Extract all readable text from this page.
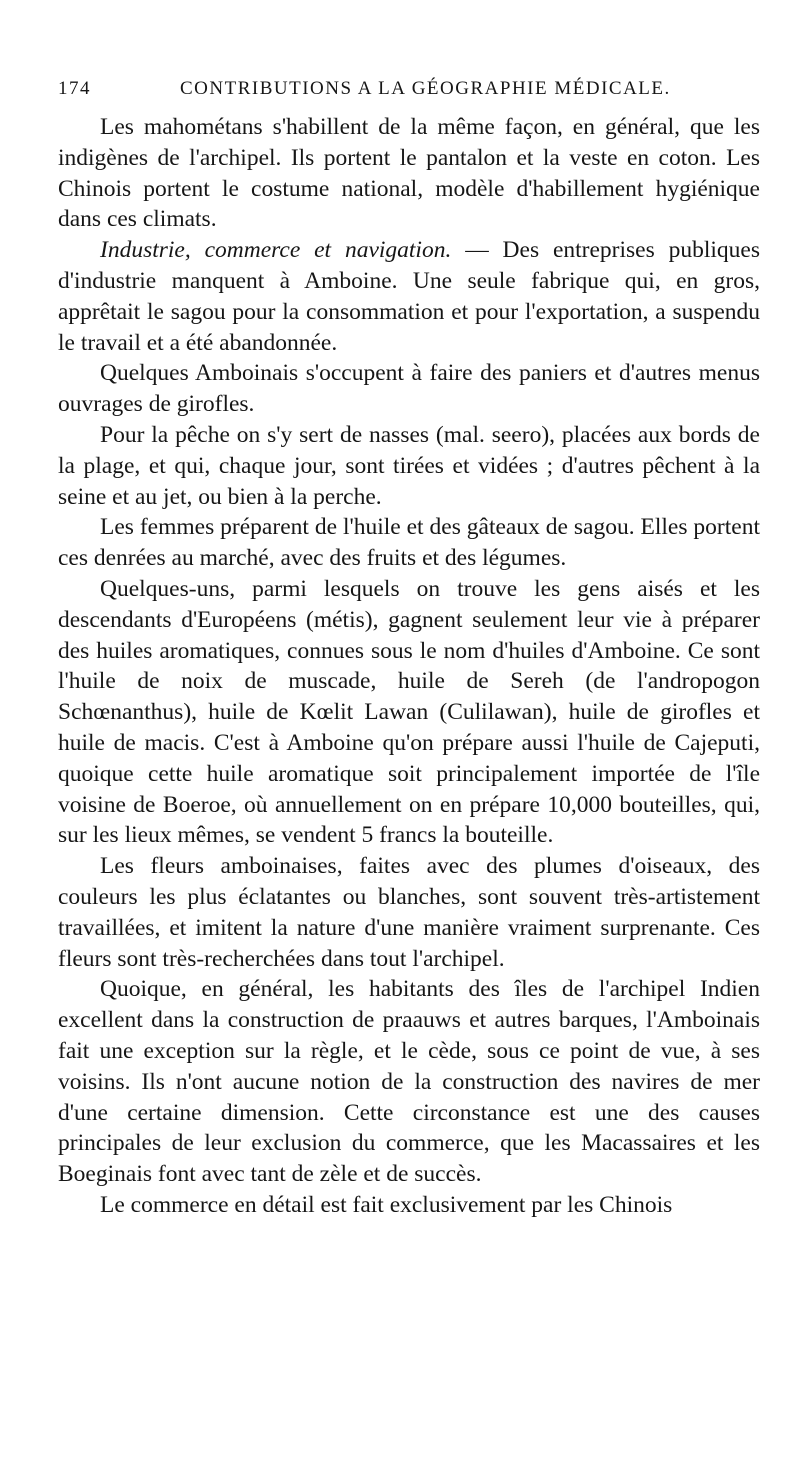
174	CONTRIBUTIONS A LA GÉOGRAPHIE MÉDICALE.

Les mahométans s'habillent de la même façon, en général, que les indigènes de l'archipel. Ils portent le pantalon et la veste en coton. Les Chinois portent le costume national, modèle d'habillement hygiénique dans ces climats.

Industrie, commerce et navigation. — Des entreprises publiques d'industrie manquent à Amboine. Une seule fabrique qui, en gros, apprêtait le sagou pour la consommation et pour l'exportation, a suspendu le travail et a été abandonnée.

Quelques Amboinais s'occupent à faire des paniers et d'autres menus ouvrages de girofles.

Pour la pêche on s'y sert de nasses (mal. seero), placées aux bords de la plage, et qui, chaque jour, sont tirées et vidées ; d'autres pêchent à la seine et au jet, ou bien à la perche.

Les femmes préparent de l'huile et des gâteaux de sagou. Elles portent ces denrées au marché, avec des fruits et des légumes.

Quelques-uns, parmi lesquels on trouve les gens aisés et les descendants d'Européens (métis), gagnent seulement leur vie à préparer des huiles aromatiques, connues sous le nom d'huiles d'Amboine. Ce sont l'huile de noix de muscade, huile de Sereh (de l'andropogon Schœnanthus), huile de Kœlit Lawan (Culilawan), huile de girofles et huile de macis. C'est à Amboine qu'on prépare aussi l'huile de Cajeputi, quoique cette huile aromatique soit principalement importée de l'île voisine de Boeroe, où annuellement on en prépare 10,000 bouteilles, qui, sur les lieux mêmes, se vendent 5 francs la bouteille.

Les fleurs amboinaises, faites avec des plumes d'oiseaux, des couleurs les plus éclatantes ou blanches, sont souvent très-artistement travaillées, et imitent la nature d'une manière vraiment surprenante. Ces fleurs sont très-recherchées dans tout l'archipel.

Quoique, en général, les habitants des îles de l'archipel Indien excellent dans la construction de praauws et autres barques, l'Amboinais fait une exception sur la règle, et le cède, sous ce point de vue, à ses voisins. Ils n'ont aucune notion de la construction des navires de mer d'une certaine dimension. Cette circonstance est une des causes principales de leur exclusion du commerce, que les Macassaires et les Boeginais font avec tant de zèle et de succès.

Le commerce en détail est fait exclusivement par les Chinois
